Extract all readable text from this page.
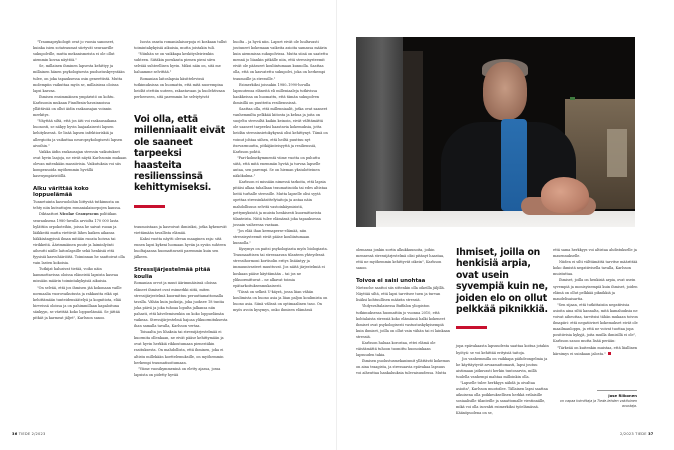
"Traumapsykologit ovat jo vuosia sanoneet, kuinka isien sotatraumat siirtyvät seuraaville sukupolville, mutta mekanismeista ei ole ollut aiemmin kovaa näyttöä."

Se, millainen ihminen lapsesta kehittyy ja millainen hänen psykologisesta puolustuskyvystään tulee, on joka tapauksessa osin geneettistä. Mutta molempiin vaikuttaa myös se, millaisissa oloissa lapsi kasvaa.

Ihmisen ensimmäinen ympäristö on kohtu. Karlssonin mukaan FinnBrain-havainnoissa yllättävää on ollut äidin raskausajan voinnin merkitys.

"Näyttää siltä, että jos äiti voi raskausaikana huonosti, se näkyy hyvin laajaalaisesti lapsen kehityksessä. Se lisää lapsen infektioriskiä ja allergioita ja vaikuttaa neuropsykologisesti lapsen aivoihin."

Vaikka äidin raskausajan stressin vaikutukset ovat hyvin laajoja, ne eivät näytä Karlssonin mukaan olevan mitenkään massiivisia. Vaikutuksia voi siis kompensoida myöhemmin hyvällä kasvuympäristöllä.

Alku värittää koko loppuelämää

Tunnetuinta kasvuoloihin liittyvää tutkimusta on tehty niin kutsuttujen romanialaisorpojen kanssa.

Diktaattori Nicolae Ceaușescun politiikan seurauksena 1980-luvulla arviolta 170 000 lasta hylättiin orpokoteihin, joissa he saivat ruoan ja lääkkeitä mutta viettivät lähes kaiken aikansa häkkisängyissä ilman mitään ruoata hoivaa tai virikkeitä. Äärimmäinen puute ja laiminlyönti aiheutti näille laitoslapsille sekä henkisiä että fyysisiä kasvuhäiriöitä. Toiminnan he saattoivat olla vain lasten kokoisia.

Tutkijat halusivat tietää, voiko näin kammottavissa oloissa eläneistä lapsista kasvaa missään määrin toimintakykyisiä aikuisia.

"On selvää, että jos ihmisen jää kokonaan vaille normaalia vuorovaikutusta ja rakkautta eikä opi kehittämään tunteidensäätelyä ja kognitiota, elää hirveissä oloissa ja on pahimmillaan kapaloituna sänkyyn, se värittää koko loppuelämää. Se jättää pitkät ja karmeat jäljet", Karlsson sanoo.

Isosta osasta romanialaisorpoja ei koskaan tullut toimintakykyisiä aikuisia, mutta joistakin tuli.

"Niinhän se on vaikkapa keskitysleirienkin suhteen. Siitäkin porukasta pienen pieni siivu selviää suhteellisen hyvin. Miksi näin on, sitä me haluamme selvittää."

Romanian laitoslapsia käsittelevissä tutkimuksissa on huomattu, että mitä nuorempina heidät otettiin uuteen, rakastavaan ja huolehtivaan perheeseen, sitä paremmin he selviytyivät

Voi olla, että millenniaalit eivät ole saaneet tarpeeksi haasteita resilienssinsä kehittymiseksi.

traumoistaan ja kasvoivat ihmisiksi, jotka kykenevät viettämään tavallista elämää.

Kaksi vuotta näytti olevan maaginen raja: sitä ennen lapsi kykeni luomaan hyvän ja syvän suhteen huoltajaansa huomattavasti paremmin kuin sen jälkeen.

Stressijärjestelmää pitää koulia

Romanian orvot ja muut äärimmäisissä oloissa eläneet ihmiset ovat esimerkki siitä, miten stressijärjestelmä kuormittuu peruuttamattomalla tavalla. Vähän kuin juoksija, joka juoksee 18 tuntia joka päivä ja joka tuhoaa lopulta jalkansa niin pahasti, että kävelemisenkin on koko loppuelämän vaikeaa. Stressijärjestelmä hajoaa ylikuormituksesta ihan samalla tavalla, Karlsson vertaa.

Toisaalta jos lihaksia tai stressijärjestelmää ei kuormita ollenkaan, ne eivät pääse kehittymään ja ovat hyvin herkkiä rikkoutumaan pienestäkin rasituksesta. On mahdollista, että ihminen, joka ei altistu millekään koettelemuksille, on myöhemmin herkempi traumatisoitumaan.

"Viime vuosikymmeninä on eletty ajassa, jossa lapsista on pidetty hyvää

huolta – ja hyvä niin. Lapset eivät ole luultavasti joutuneet kokemaan vaikeita asioita samassa määrin kuin aiemmissa sukupolvissa. Mutta siinä on saatettu mennä jo liiankin pitkälle niin, että stressisysteemit eivät ole päässeet kouliintumaan kunnolla. Saattaa olla, että on kasvatettu sukupolvi, joka on herkempi traumoille ja stressille."

Esimerkiksi joissakin 1980–1990-luvulla lapsuutensa eläneitä eli milleniaaleja tutkivissa hankkeissa on huomattu, että tämän sukupolven ihmisillä on puutteita resilienssissä.

Saattaa olla, että millenniaalit, jotka ovat saaneet vanhemmilta pelkkää kiitosta ja kehua ja joita on suojeltu stressiltä kaikin keinoin, eivät välttämättä ole saaneet tarpeeksi haastavia kokemuksia, jotta heidän stressinsietokykynsä olisi kehittynyt. Tämä on voinut johtaa siihen, että heiltä puuttuu nyt itsevarmuutta, pitkäjänteisyyttä ja resilienssiä, Karlsson pohtii.

"Pari-kolmekymmentä viime vuotta on puhuttu siitä, että mitä enemmän hyvää ja turvaa lapselle antaa, sen parempi. Se on hieman yksiulotteinen näkökulma."

Karlsson ei missään nimessä tarkoita, että lapsia pitäisi alkaa tahallaan traumatisoida tai edes altistaa heitä turhalle stressille. Mutta lapselle olisi syytä opettaa stressinkäsittelytaitoja ja antaa näin mahdollisuus selvitä vastoinkäymisistä, pettymyksistä ja muista henkisesti kuormittavista tilanteista. Niitä tulee elämässä joka tapauksessa jossain vaiheessa vastaan.

"Jos elää ihan kermaperse-elämää, niin stressisysteemit eivät pääse kouliintumaan kunnolla."

Kysymys on paitsi psykologiasta myös biologiasta. Traumaattisen tai stressaavan tilanteen yhteydessä stressihormoni kortisolin eritys lisääntyy ja immuunivasteet muuttuvat. Jos näitä järjestelmiä ei koskaan pääse käyttämään – tai jos ne ylikuormittuvat – ne alkavat toimia epätarkoituksenmukaisesti.

"Tässä on selkeä U-käyrä, jossa liian vähän koulimista on huono asia ja liian paljon koulimista on huono asia. Siinä välissä on optimaalinen taso. On myös avoin kysymys, onko ihmisen elämässä

36 TIEDE 2/2023

olemassa jonkin sortin alkukkuunoita, joihin mennessä stressijärjestelmä olisi pitänyt haastaa, että ne myöhemmin kehittyvät oikein", Karlsson sanoo.

Toivoa ei saisi unohtaa

Nietzsche saattoi siis sittenkin olla oikeilla jäljillä. Näyttää siltä, että lapsi tarvitsee tuen ja turvan lisäksi kohtuullisen määrän stressiä.

Yhdysvaltalaisessa Buffalon yliopiston tutkimuksessa huomattiin jo vuonna 2010, että kohtalaista stressiä koko elämänsä halki kokeneet ihmiset ovat psykologisesti vastustuskykyisempiä kuin ihmiset, joilla on ollut vain vähän tai ei lainkaan stressiä.

Karlsson haluaa korostaa, ettei elämä ole väistämättä tuhoon tuomittu huonoinkaan lapsuuden takia.

Ihmisen puolustusmekanismit yllättävät kokemus on aina traagista, ja stressaavia epävakaa lapsuus voi aiheuttaa hankaluuksia tulevaisuudessa. Mutta

Ihmiset, joilla on henkisiä arpia, ovat usein syvempiä kuin ne, joiden elo on ollut pelkkää piknikkiä.

jopa epävakaasta lapsuudesta saattaa koitua jotakin hyötyä: se voi kehittää erityisiä taitoja.

Jos vanhemmilla on vaikkapa päihdeongelmia ja he käyttäytyvät arvaamattomasti, lapsi joutuu aistimaan jatkuvasti herkin tuntosarvin, millä tuulella vanhempi mahtaa milloinkin olla.

"Lapselle tulee herkkyys nähdä ja oivaltaa asioita", Karlsson muotoilee. Tällainen lapsi saattaa aikuisena olla poikkeuksellisen herkkä erilaisille sosiaalisille tilanteille ja sanattomalle viestinnälle, mikä voi olla isovakti esimerkiksi työelämässä. Käänöpuolena on se,

että sama herkkyys voi altistaa ahdistukselle ja masennukselle.

Niiden ei silti välttämättä tarvitse määrittää koko ihmistä negatiivisella tavalla, Karlsson muistuttaa.

Ihmiset, joilla on henkisiä arpia, ovat usein syvempiä ja monisyisempiä kuin ihmiset, joiden elämä on ollut pelkkää piknikkiä ja maudelisaisartia.

"Sen sijaan, että tutkittaisiin negatiivisia asioita aina siltä kannalta, mitä kamaluuksia ne voivat aiheuttaa, tarvitsisi tähän mukaan toivon ilmapiiri: että negatiiviset kokemukset eivät ole maailmanloppu, ja että ne voivat tuottaa jopa positiivisia kykyjä, joita muilla ihmisillä ei ole", Karlsson sanoo mutta lisää perään:

"Tärkeää on kuitenkin muistaa, että liiallinen kärsimys ei suinkaan jalosta."

Jose Riikonen
on vapaa toimittaja ja Tiede-lehden vakituinen avustaja.
2/2023 TIEDE 37
